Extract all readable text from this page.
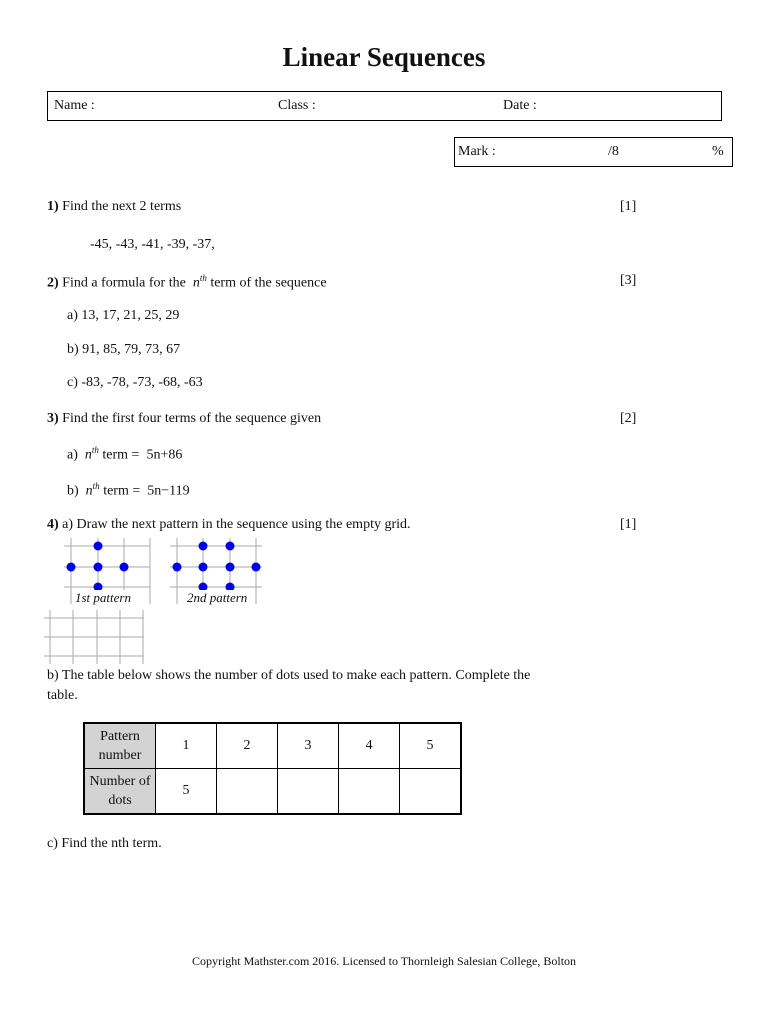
Linear Sequences
Name :	Class :	Date :
Mark :	/8	%
1) Find the next 2 terms	[1]
-45, -43, -41, -39, -37,
2) Find a formula for the $n^{th}$ term of the sequence	[3]
a) 13, 17, 21, 25, 29
b) 91, 85, 79, 73, 67
c) -83, -78, -73, -68, -63
3) Find the first four terms of the sequence given	[2]
a) $n^{th}$ term = 5n+86
b) $n^{th}$ term = 5n−119
4) a) Draw the next pattern in the sequence using the empty grid.	[1]
1st pattern	2nd pattern
b) The table below shows the number of dots used to make each pattern. Complete the
table.
Pattern
number	1	2	3	4	5
Number of
dots	5				
c) Find the nth term.
Copyright Mathster.com 2016. Licensed to Thornleigh Salesian College, Bolton
